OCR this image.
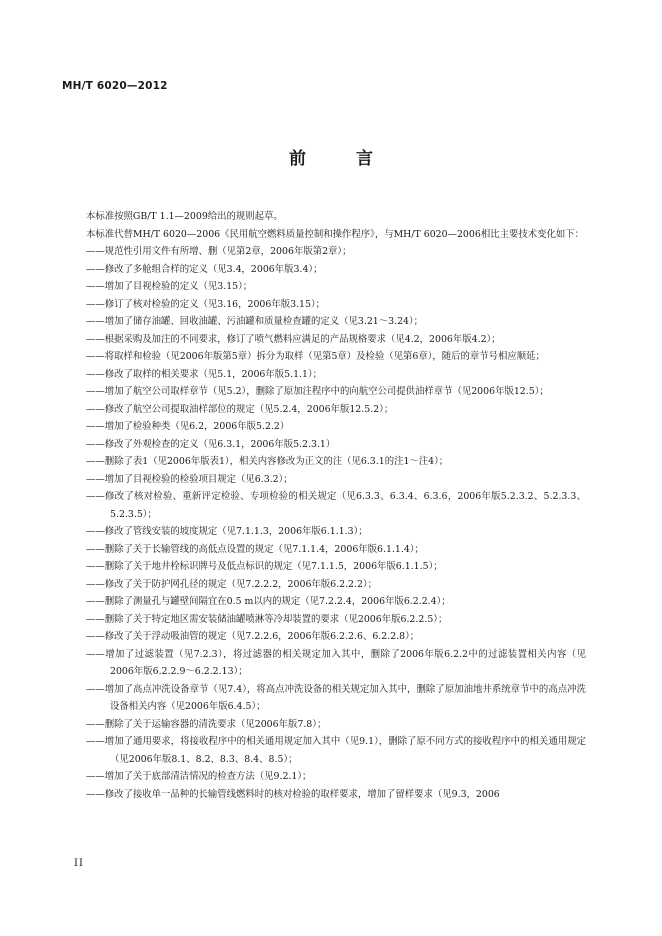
MH/T 6020—2012
前 言

本标准按照GB/T 1.1—2009给出的规则起草。

本标准代替MH/T 6020—2006《民用航空燃料质量控制和操作程序》，与MH/T 6020—2006相比主要技术变化如下：

——规范性引用文件有所增、删（见第2章，2006年版第2章）；

——修改了多舱组合样的定义（见3.4，2006年版3.4）；

——增加了目视检验的定义（见3.15）；

——修订了核对检验的定义（见3.16，2006年版3.15）；

——增加了储存油罐、回收油罐、污油罐和质量检查罐的定义（见3.21～3.24）；

——根据采购及加注的不同要求，修订了喷气燃料应满足的产品规格要求（见4.2，2006年版4.2）；

——将取样和检验（见2006年版第5章）拆分为取样（见第5章）及检验（见第6章），随后的章节号相应顺延；

——修改了取样的相关要求（见5.1，2006年版5.1.1）；

——增加了航空公司取样章节（见5.2），删除了原加注程序中的向航空公司提供油样章节（见2006年版12.5）；

——修改了航空公司提取油样部位的规定（见5.2.4，2006年版12.5.2）；

——增加了检验种类（见6.2，2006年版5.2.2）

——修改了外观检查的定义（见6.3.1，2006年版5.2.3.1）

——删除了表1（见2006年版表1），相关内容修改为正文的注（见6.3.1的注1～注4）；

——增加了目视检验的检验项目规定（见6.3.2）；

——修改了核对检验、重新评定检验、专项检验的相关规定（见6.3.3、6.3.4、6.3.6，2006年版5.2.3.2、5.2.3.3、5.2.3.5）；

——修改了管线安装的坡度规定（见7.1.1.3，2006年版6.1.1.3）；

——删除了关于长输管线的高低点设置的规定（见7.1.1.4，2006年版6.1.1.4）；

——删除了关于地井栓标识牌号及低点标识的规定（见7.1.1.5，2006年版6.1.1.5）；

——修改了关于防护网孔径的规定（见7.2.2.2，2006年版6.2.2.2）；

——删除了测量孔与罐壁间隔宜在0.5 m以内的规定（见7.2.2.4，2006年版6.2.2.4）；

——删除了关于特定地区需安装储油罐喷淋等冷却装置的要求（见2006年版6.2.2.5）；

——修改了关于浮动吸油管的规定（见7.2.2.6，2006年版6.2.2.6、6.2.2.8）；

——增加了过滤装置（见7.2.3），将过滤器的相关规定加入其中，删除了2006年版6.2.2中的过滤装置相关内容（见2006年版6.2.2.9～6.2.2.13）；

——增加了高点冲洗设备章节（见7.4），将高点冲洗设备的相关规定加入其中，删除了原加油地井系统章节中的高点冲洗设备相关内容（见2006年版6.4.5）；

——删除了关于运输容器的清洗要求（见2006年版7.8）；

——增加了通用要求，将接收程序中的相关通用规定加入其中（见9.1），删除了原不同方式的接收程序中的相关通用规定（见2006年版8.1、8.2、8.3、8.4、8.5）；

——增加了关于底部清洁情况的检查方法（见9.2.1）；

——修改了接收单一品种的长输管线燃料时的核对检验的取样要求，增加了留样要求（见9.3，2006

II
